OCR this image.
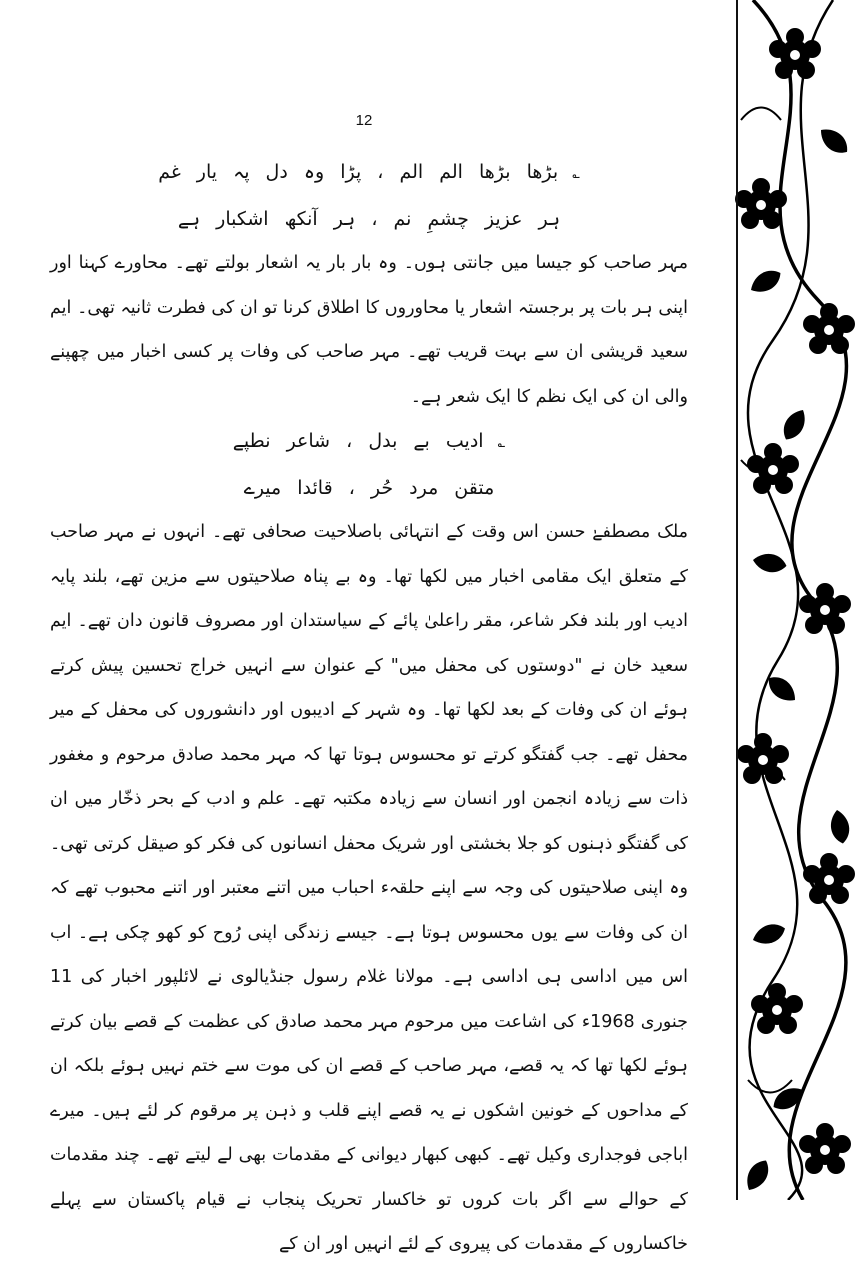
12
؎بڑھا بڑھا الم الم ، پڑا وہ دل پہ یار غم
ہر عزیز چشمِ نم ، ہر آنکھ اشکبار ہے

مہر صاحب کو جیسا میں جانتی ہوں۔ وہ بار بار یہ اشعار بولتے تھے۔ محاورے کہنا اور اپنی ہر بات پر برجستہ اشعار یا محاوروں کا اطلاق کرنا تو ان کی فطرت ثانیہ تھی۔ ایم سعید قریشی ان سے بہت قریب تھے۔ مہر صاحب کی وفات پر کسی اخبار میں چھپنے والی ان کی ایک نظم کا ایک شعر ہے۔

؎ادیب بے بدل ، شاعر نطپے
متقن مرد حُر ، قائدا میرے

ملک مصطفےٰ حسن اس وقت کے انتہائی باصلاحیت صحافی تھے۔ انہوں نے مہر صاحب کے متعلق ایک مقامی اخبار میں لکھا تھا۔ وہ بے پناہ صلاحیتوں سے مزین تھے، بلند پایہ ادیب اور بلند فکر شاعر، مقر راعلیٰ پائے کے سیاستدان اور مصروف قانون دان تھے۔ ایم سعید خان نے "دوستوں کی محفل میں" کے عنوان سے انہیں خراج تحسین پیش کرتے ہوئے ان کی وفات کے بعد لکھا تھا۔ وہ شہر کے ادیبوں اور دانشوروں کی محفل کے میر محفل تھے۔ جب گفتگو کرتے تو محسوس ہوتا تھا کہ مہر محمد صادق مرحوم و مغفور ذات سے زیادہ انجمن اور انسان سے زیادہ مکتبہ تھے۔ علم و ادب کے بحر ذخّار میں ان کی گفتگو ذہنوں کو جلا بخشتی اور شریک محفل انسانوں کی فکر کو صیقل کرتی تھی۔ وہ اپنی صلاحیتوں کی وجہ سے اپنے حلقہء احباب میں اتنے معتبر اور اتنے محبوب تھے کہ ان کی وفات سے یوں محسوس ہوتا ہے۔ جیسے زندگی اپنی رُوح کو کھو چکی ہے۔ اب اس میں اداسی ہی اداسی ہے۔ مولانا غلام رسول جنڈیالوی نے لائلپور اخبار کی 11 جنوری 1968ء کی اشاعت میں مرحوم مہر محمد صادق کی عظمت کے قصے بیان کرتے ہوئے لکھا تھا کہ یہ قصے، مہر صاحب کے قصے ان کی موت سے ختم نہیں ہوئے بلکہ ان کے مداحوں کے خونین اشکوں نے یہ قصے اپنے قلب و ذہن پر مرقوم کر لئے ہیں۔ میرے اباجی فوجداری وکیل تھے۔ کبھی کبھار دیوانی کے مقدمات بھی لے لیتے تھے۔ چند مقدمات کے حوالے سے اگر بات کروں تو خاکسار تحریک پنجاب نے قیام پاکستان سے پہلے خاکساروں کے مقدمات کی پیروی کے لئے انہیں اور ان کے
